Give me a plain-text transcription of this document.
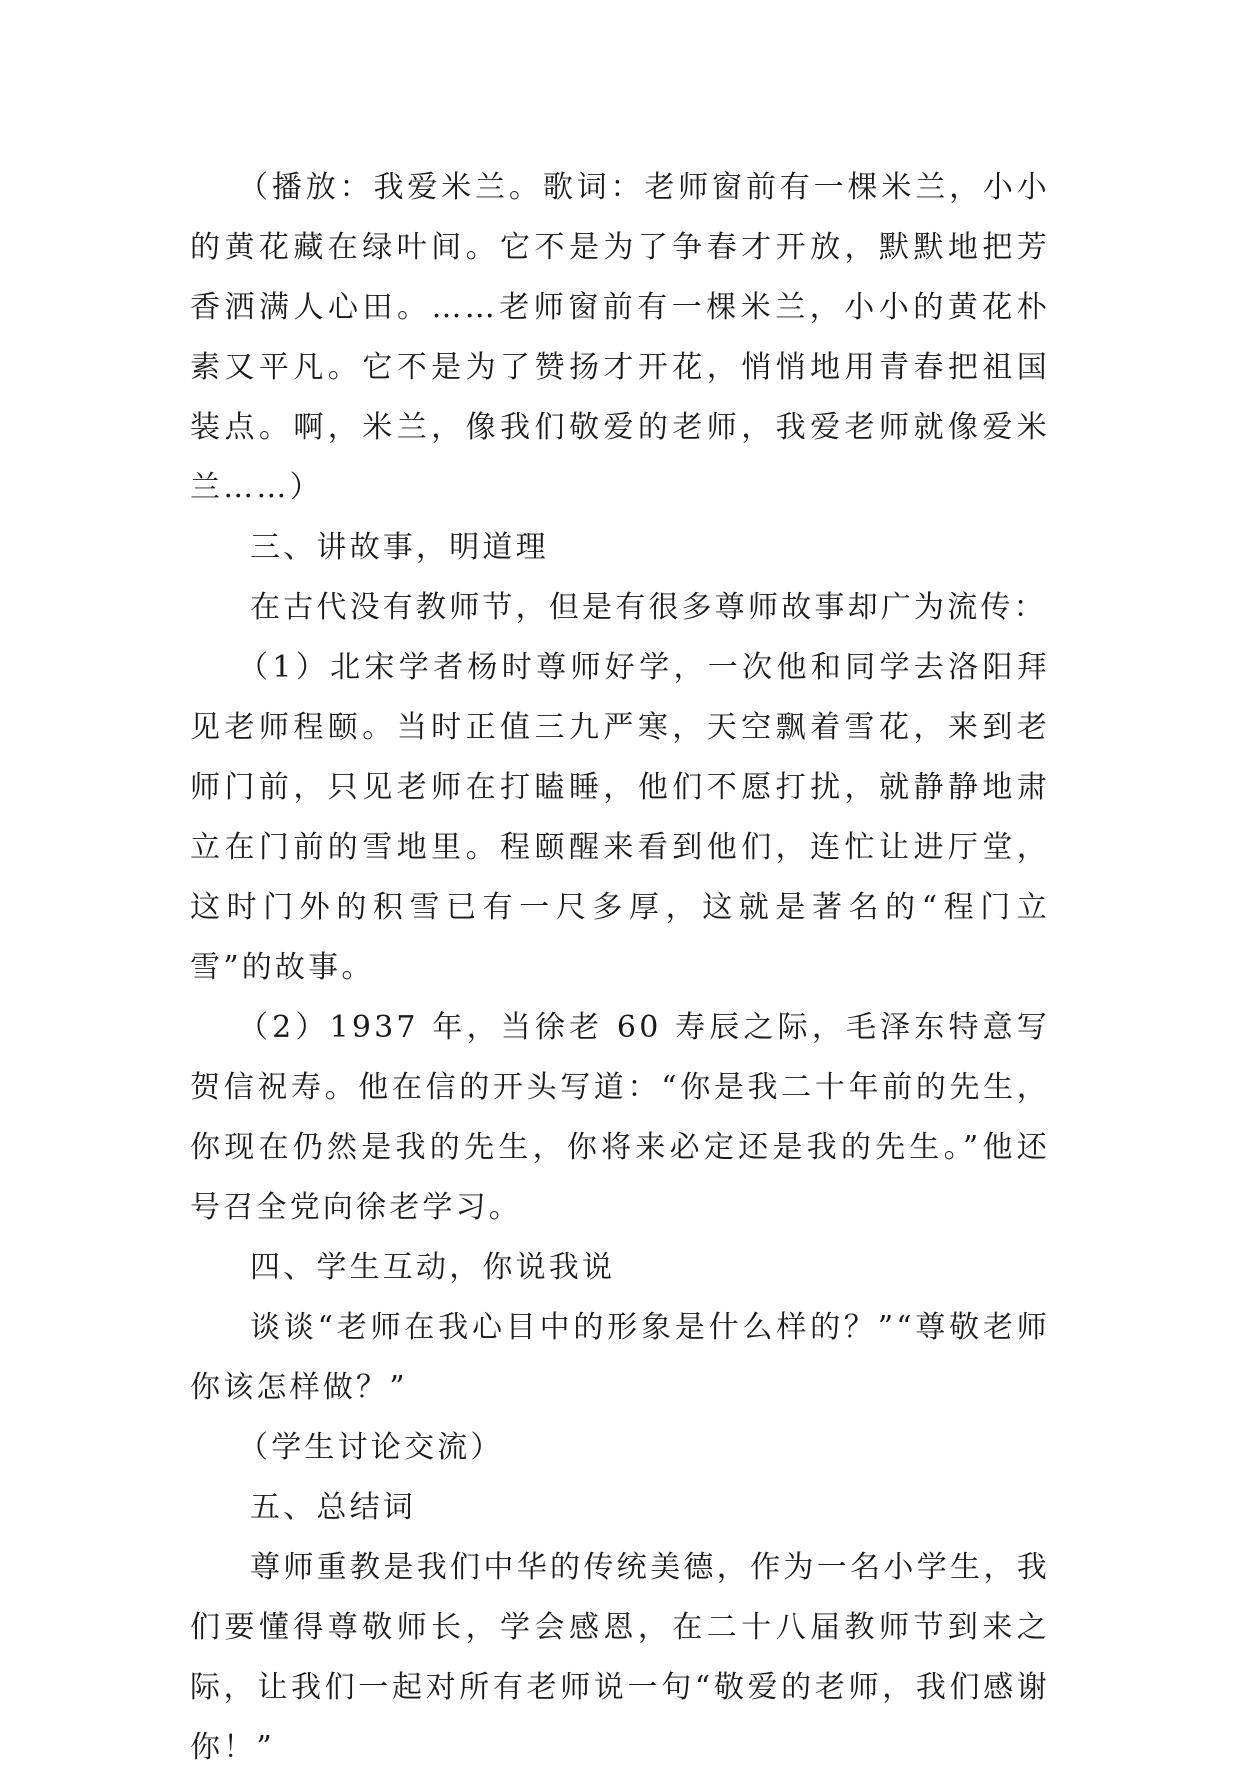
（播放：我爱米兰。歌词：老师窗前有一棵米兰，小小的黄花藏在绿叶间。它不是为了争春才开放，默默地把芳香洒满人心田。……老师窗前有一棵米兰，小小的黄花朴素又平凡。它不是为了赞扬才开花，悄悄地用青春把祖国装点。啊，米兰，像我们敬爱的老师，我爱老师就像爱米兰……）

三、讲故事，明道理

在古代没有教师节，但是有很多尊师故事却广为流传：

（1）北宋学者杨时尊师好学，一次他和同学去洛阳拜见老师程颐。当时正值三九严寒，天空飘着雪花，来到老师门前，只见老师在打瞌睡，他们不愿打扰，就静静地肃立在门前的雪地里。程颐醒来看到他们，连忙让进厅堂，这时门外的积雪已有一尺多厚，这就是著名的“程门立雪”的故事。

（2）1937 年，当徐老 60 寿辰之际，毛泽东特意写贺信祝寿。他在信的开头写道：“你是我二十年前的先生，你现在仍然是我的先生，你将来必定还是我的先生。”他还号召全党向徐老学习。

四、学生互动，你说我说

谈谈“老师在我心目中的形象是什么样的？”“尊敬老师你该怎样做？”

（学生讨论交流）

五、总结词

尊师重教是我们中华的传统美德，作为一名小学生，我们要懂得尊敬师长，学会感恩，在二十八届教师节到来之际，让我们一起对所有老师说一句“敬爱的老师，我们感谢你！”
